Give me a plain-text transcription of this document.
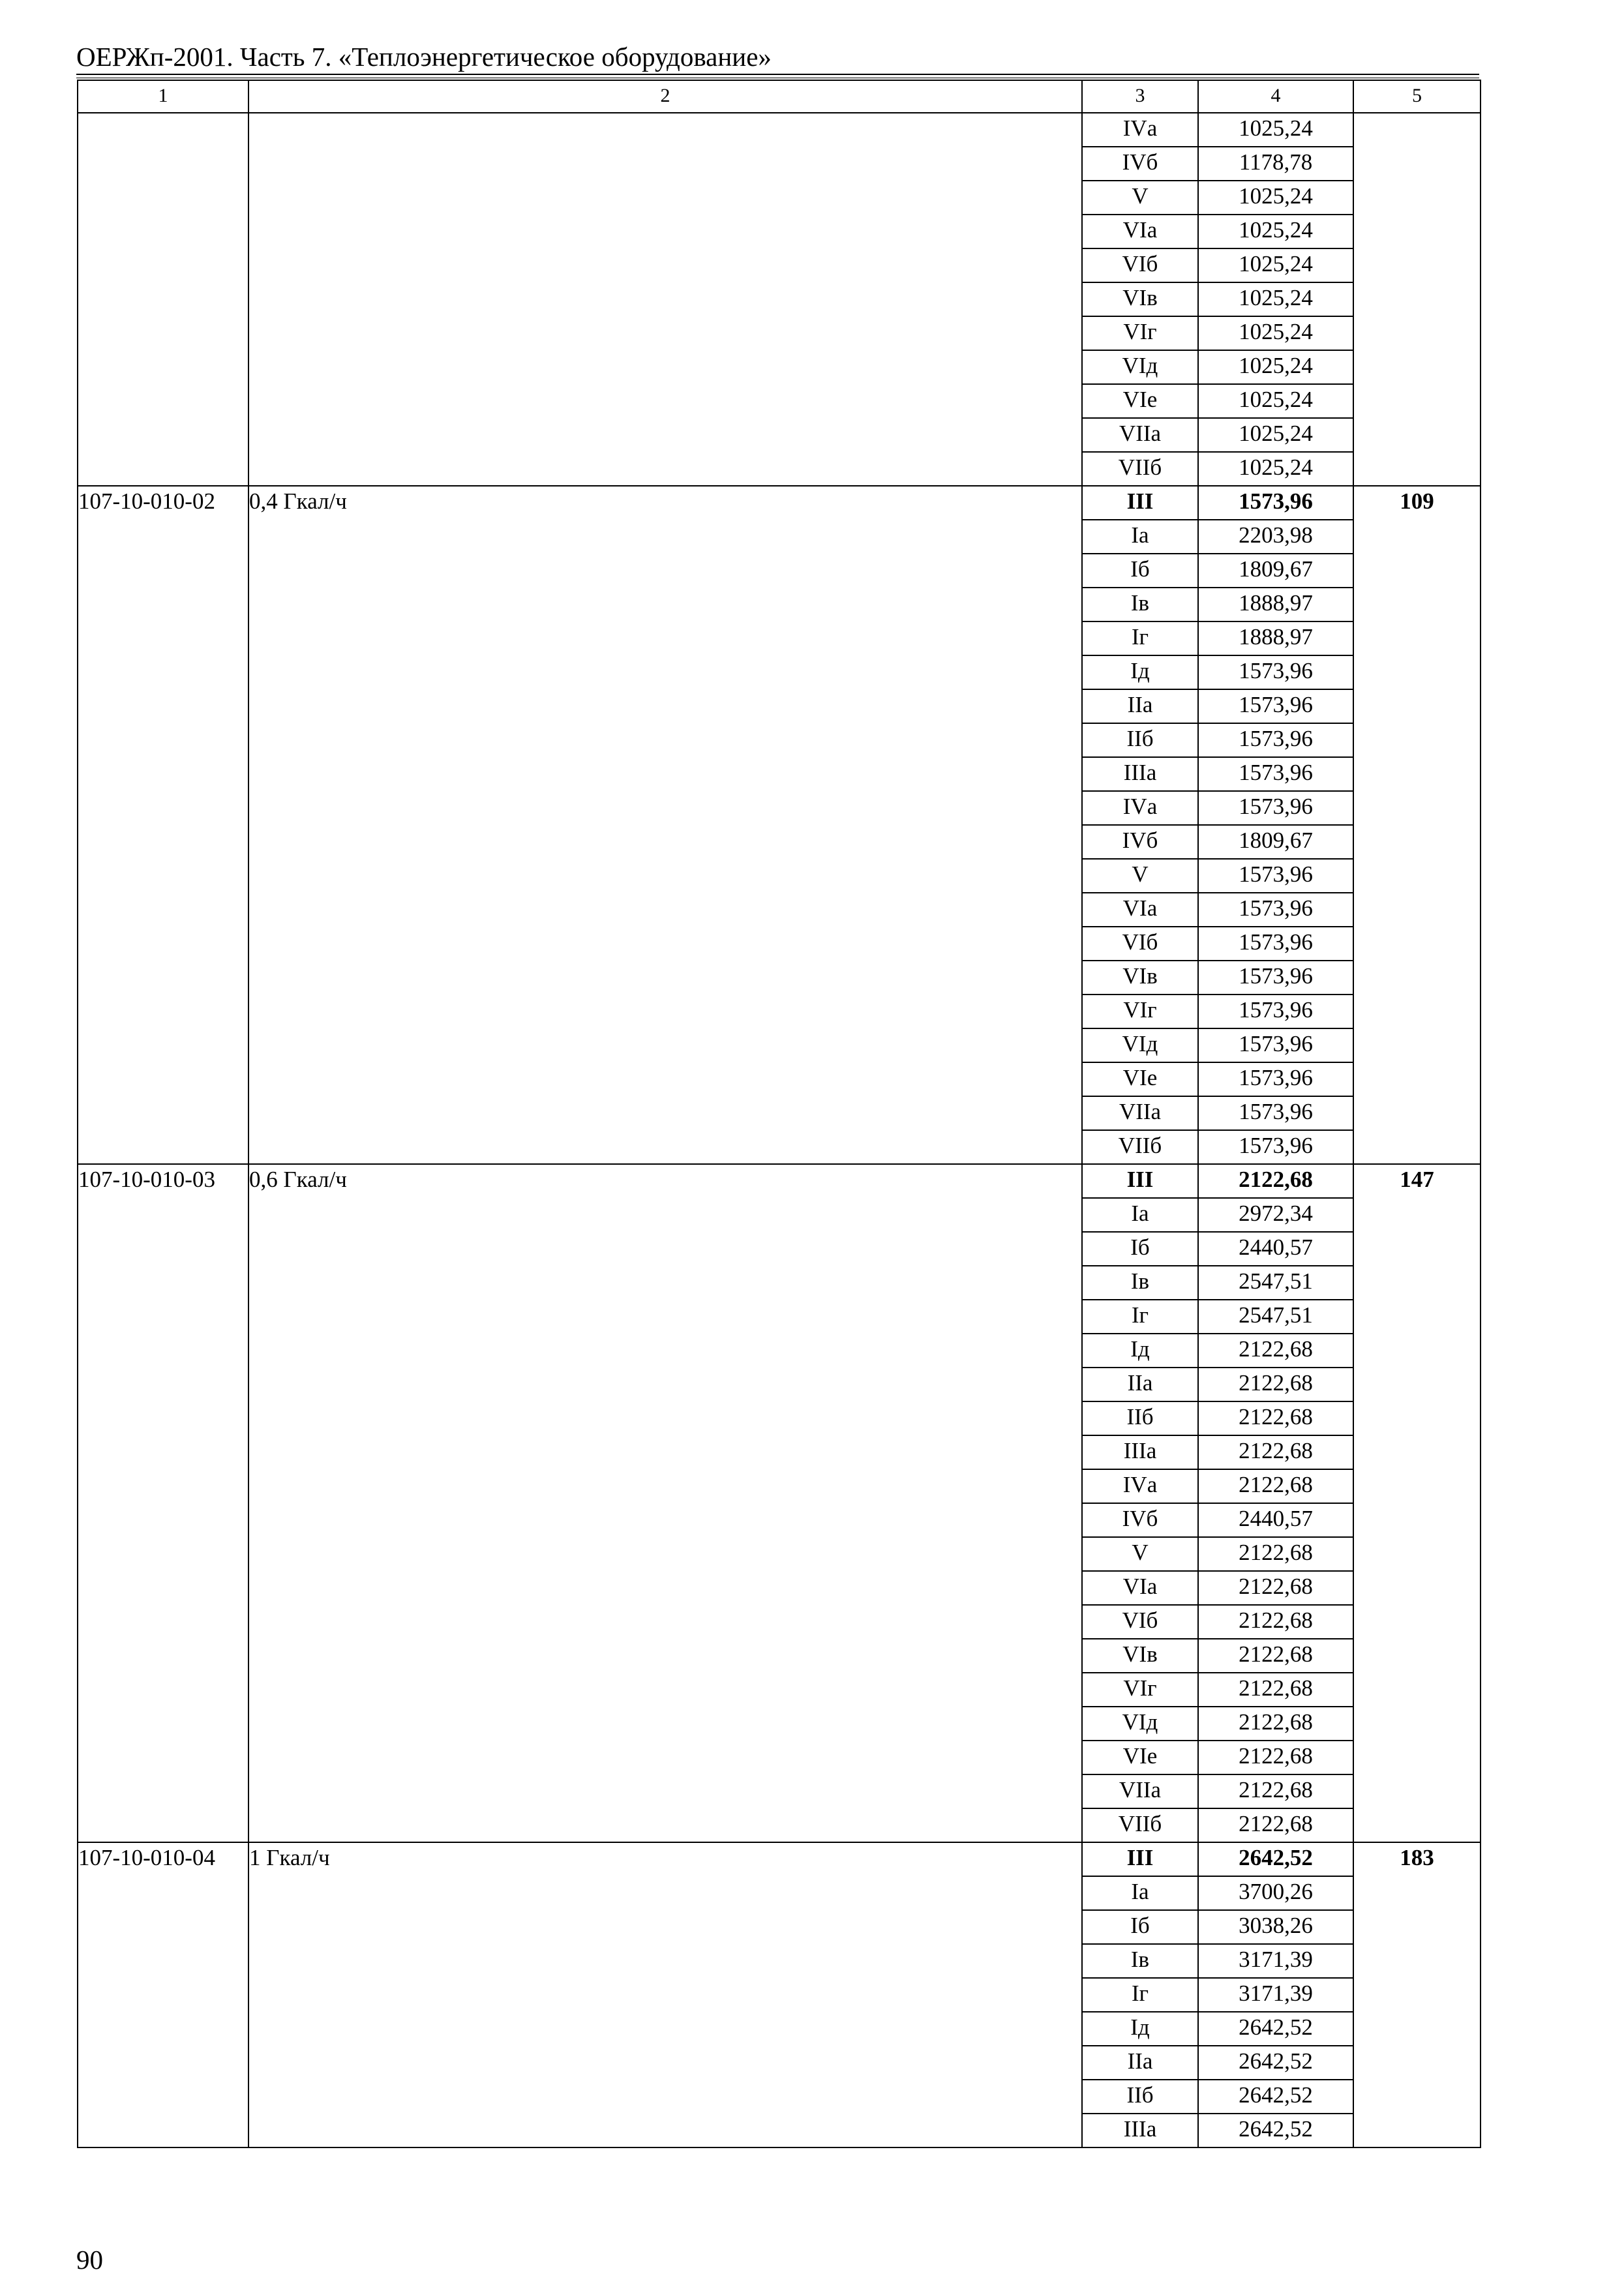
ОЕРЖп-2001. Часть 7. «Теплоэнергетическое оборудование»
1	2	3	4	5
		IVа	1025,24	
		IVб	1178,78	
		V	1025,24	
		VIа	1025,24	
		VIб	1025,24	
		VIв	1025,24	
		VIг	1025,24	
		VIд	1025,24	
		VIе	1025,24	
		VIIа	1025,24	
		VIIб	1025,24	
107-10-010-02	0,4 Гкал/ч	III	1573,96	109
		Iа	2203,98	
		Iб	1809,67	
		Iв	1888,97	
		Iг	1888,97	
		Iд	1573,96	
		IIа	1573,96	
		IIб	1573,96	
		IIIа	1573,96	
		IVа	1573,96	
		IVб	1809,67	
		V	1573,96	
		VIа	1573,96	
		VIб	1573,96	
		VIв	1573,96	
		VIг	1573,96	
		VIд	1573,96	
		VIе	1573,96	
		VIIа	1573,96	
		VIIб	1573,96	
107-10-010-03	0,6 Гкал/ч	III	2122,68	147
		Iа	2972,34	
		Iб	2440,57	
		Iв	2547,51	
		Iг	2547,51	
		Iд	2122,68	
		IIа	2122,68	
		IIб	2122,68	
		IIIа	2122,68	
		IVа	2122,68	
		IVб	2440,57	
		V	2122,68	
		VIа	2122,68	
		VIб	2122,68	
		VIв	2122,68	
		VIг	2122,68	
		VIд	2122,68	
		VIе	2122,68	
		VIIа	2122,68	
		VIIб	2122,68	
107-10-010-04	1 Гкал/ч	III	2642,52	183
		Iа	3700,26	
		Iб	3038,26	
		Iв	3171,39	
		Iг	3171,39	
		Iд	2642,52	
		IIа	2642,52	
		IIб	2642,52	
		IIIа	2642,52	
90
